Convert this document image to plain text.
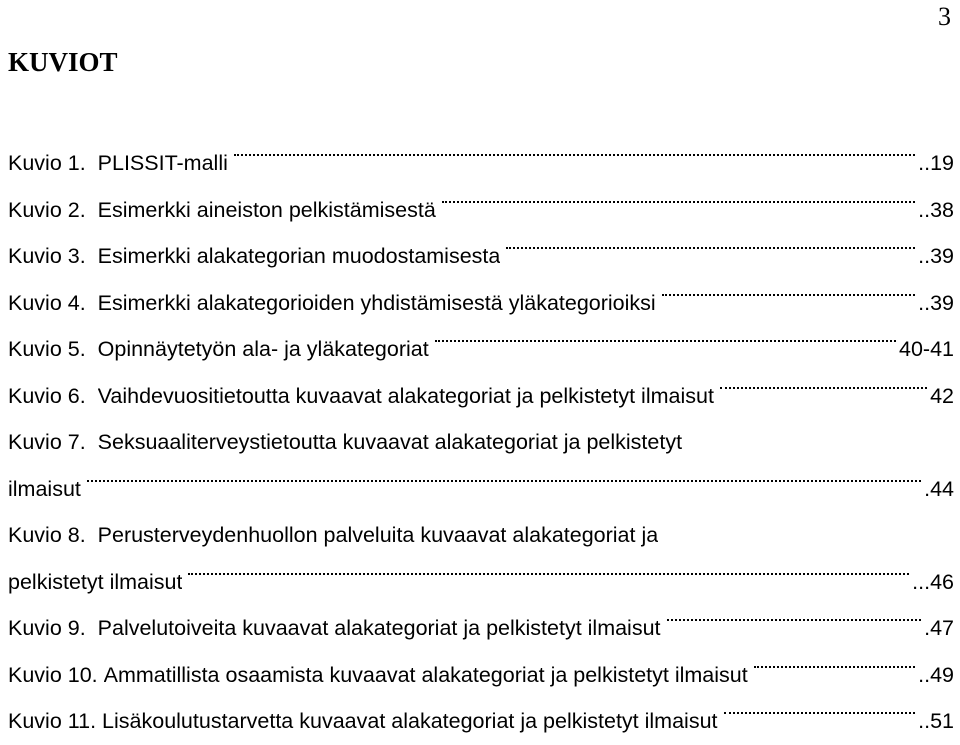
3
KUVIOT
Kuvio 1.
PLISSIT-malli	..19
Kuvio 2.
Esimerkki aineiston pelkistämisestä	..38
Kuvio 3.
Esimerkki alakategorian muodostamisesta	..39
Kuvio 4.
Esimerkki alakategorioiden yhdistämisestä yläkategorioiksi	..39
Kuvio 5.
Opinnäytetyön ala- ja yläkategoriat	40-41
Kuvio 6.
Vaihdevuositietoutta kuvaavat alakategoriat ja pelkistetyt ilmaisut	42
Kuvio 7.
Seksuaaliterveystietoutta kuvaavat alakategoriat ja pelkistetyt
ilmaisut	.44
Kuvio 8.
Perusterveydenhuollon palveluita kuvaavat alakategoriat ja
pelkistetyt ilmaisut	...46
Kuvio 9.
Palvelutoiveita kuvaavat alakategoriat ja pelkistetyt ilmaisut	.47
Kuvio 10.
Ammatillista osaamista kuvaavat alakategoriat ja pelkistetyt ilmaisut	..49
Kuvio 11.
Lisäkoulutustarvetta kuvaavat alakategoriat ja pelkistetyt ilmaisut	..51
